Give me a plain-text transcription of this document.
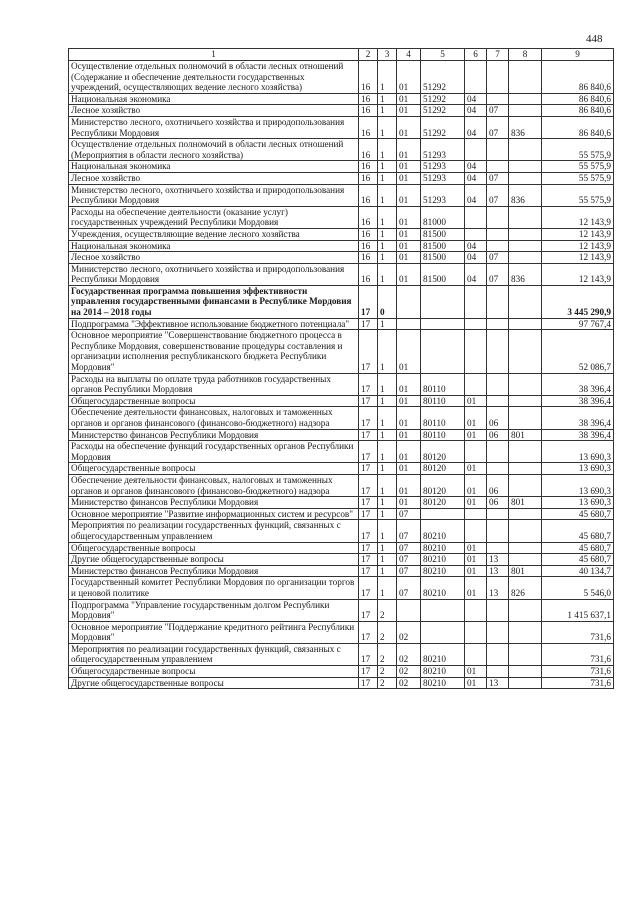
448
1	2	3	4	5	6	7	8	9
Осуществление отдельных полномочий в области лесных отношений (Содержание и обеспечение деятельности государственных учреждений, осуществляющих ведение лесного хозяйства)	16	1	01	51292				86 840,6
Национальная экономика	16	1	01	51292	04			86 840,6
Лесное хозяйство	16	1	01	51292	04	07		86 840,6
Министерство лесного, охотничьего хозяйства и природопользования Республики Мордовия	16	1	01	51292	04	07	836	86 840,6
Осуществление отдельных полномочий в области лесных отношений (Мероприятия в области лесного хозяйства)	16	1	01	51293				55 575,9
Национальная экономика	16	1	01	51293	04			55 575,9
Лесное хозяйство	16	1	01	51293	04	07		55 575,9
Министерство лесного, охотничьего хозяйства и природопользования Республики Мордовия	16	1	01	51293	04	07	836	55 575,9
Расходы на обеспечение деятельности (оказание услуг) государственных учреждений Республики Мордовия	16	1	01	81000				12 143,9
Учреждения, осуществляющие ведение лесного хозяйства	16	1	01	81500				12 143,9
Национальная экономика	16	1	01	81500	04			12 143,9
Лесное хозяйство	16	1	01	81500	04	07		12 143,9
Министерство лесного, охотничьего хозяйства и природопользования Республики Мордовия	16	1	01	81500	04	07	836	12 143,9
Государственная программа повышения эффективности управления государственными финансами в Республике Мордовия на 2014 – 2018 годы	17	0						3 445 290,9
Подпрограмма "Эффективное использование бюджетного потенциала"	17	1						97 767,4
Основное мероприятие "Совершенствование бюджетного процесса в Республике Мордовия, совершенствование процедуры составления и организации исполнения республиканского бюджета Республики Мордовия"	17	1	01					52 086,7
Расходы на выплаты по оплате труда работников государственных органов Республики Мордовия	17	1	01	80110				38 396,4
Общегосударственные вопросы	17	1	01	80110	01			38 396,4
Обеспечение деятельности финансовых, налоговых и таможенных органов и органов финансового (финансово-бюджетного) надзора	17	1	01	80110	01	06		38 396,4
Министерство финансов Республики Мордовия	17	1	01	80110	01	06	801	38 396,4
Расходы на обеспечение функций государственных органов Республики Мордовия	17	1	01	80120				13 690,3
Общегосударственные вопросы	17	1	01	80120	01			13 690,3
Обеспечение деятельности финансовых, налоговых и таможенных органов и органов финансового (финансово-бюджетного) надзора	17	1	01	80120	01	06		13 690,3
Министерство финансов Республики Мордовия	17	1	01	80120	01	06	801	13 690,3
Основное мероприятие "Развитие информационных систем и ресурсов"	17	1	07					45 680,7
Мероприятия по реализации государственных функций, связанных с общегосударственным управлением	17	1	07	80210				45 680,7
Общегосударственные вопросы	17	1	07	80210	01			45 680,7
Другие общегосударственные вопросы	17	1	07	80210	01	13		45 680,7
Министерство финансов Республики Мордовия	17	1	07	80210	01	13	801	40 134,7
Государственный комитет Республики Мордовия по организации торгов и ценовой политике	17	1	07	80210	01	13	826	5 546,0
Подпрограмма "Управление государственным долгом Республики Мордовия"	17	2						1 415 637,1
Основное мероприятие "Поддержание кредитного рейтинга Республики Мордовия"	17	2	02					731,6
Мероприятия по реализации государственных функций, связанных с общегосударственным управлением	17	2	02	80210				731,6
Общегосударственные вопросы	17	2	02	80210	01			731,6
Другие общегосударственные вопросы	17	2	02	80210	01	13		731,6
